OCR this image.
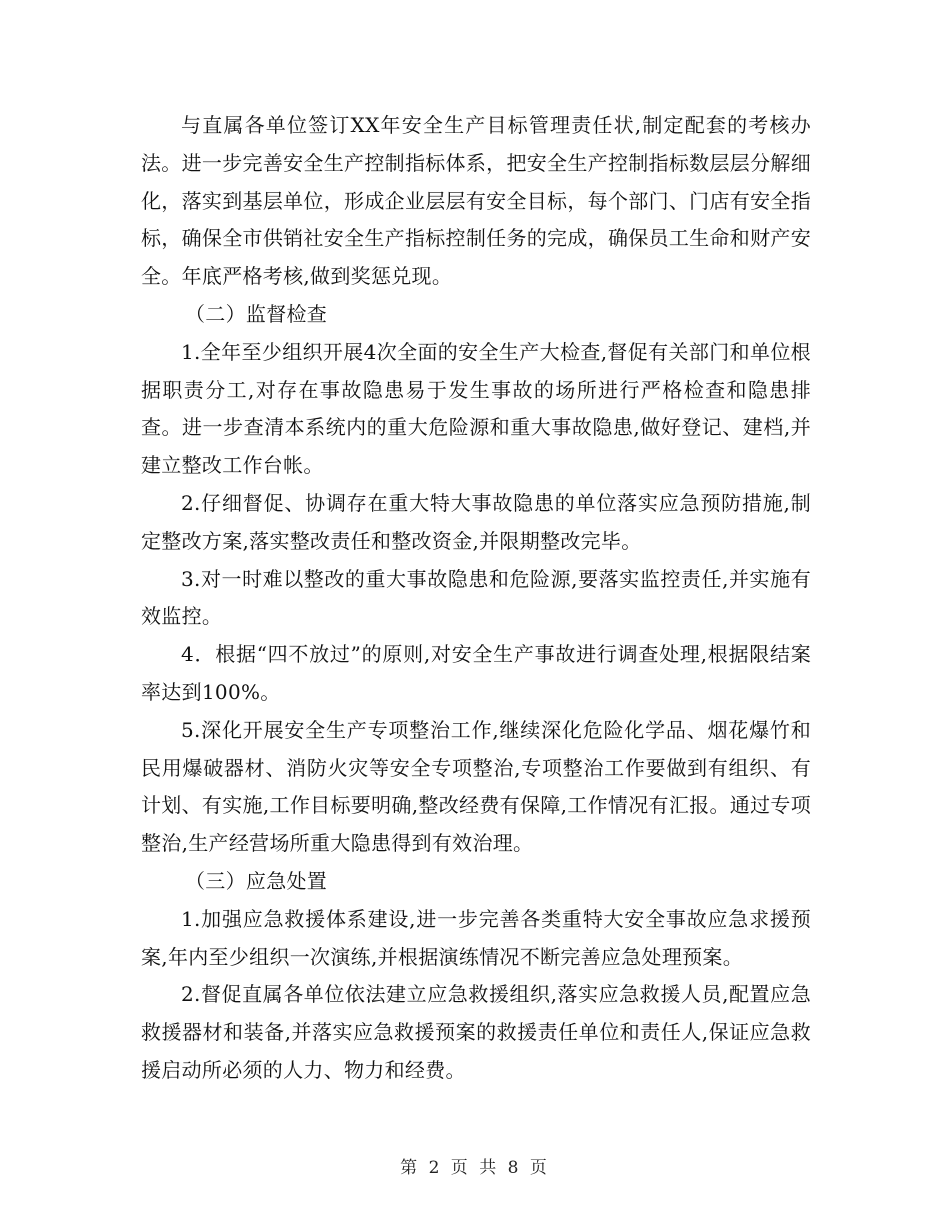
与直属各单位签订XX年安全生产目标管理责任状,制定配套的考核办法。进一步完善安全生产控制指标体系，把安全生产控制指标数层层分解细化，落实到基层单位，形成企业层层有安全目标，每个部门、门店有安全指标，确保全市供销社安全生产指标控制任务的完成，确保员工生命和财产安全。年底严格考核,做到奖惩兑现。

（二）监督检查

1.全年至少组织开展4次全面的安全生产大检查,督促有关部门和单位根据职责分工,对存在事故隐患易于发生事故的场所进行严格检查和隐患排查。进一步查清本系统内的重大危险源和重大事故隐患,做好登记、建档,并建立整改工作台帐。

2.仔细督促、协调存在重大特大事故隐患的单位落实应急预防措施,制定整改方案,落实整改责任和整改资金,并限期整改完毕。

3.对一时难以整改的重大事故隐患和危险源,要落实监控责任,并实施有效监控。

4．根据“四不放过”的原则,对安全生产事故进行调查处理,根据限结案率达到100%。

5.深化开展安全生产专项整治工作,继续深化危险化学品、烟花爆竹和民用爆破器材、消防火灾等安全专项整治,专项整治工作要做到有组织、有计划、有实施,工作目标要明确,整改经费有保障,工作情况有汇报。通过专项整治,生产经营场所重大隐患得到有效治理。

（三）应急处置

1.加强应急救援体系建设,进一步完善各类重特大安全事故应急求援预案,年内至少组织一次演练,并根据演练情况不断完善应急处理预案。

2.督促直属各单位依法建立应急救援组织,落实应急救援人员,配置应急救援器材和装备,并落实应急救援预案的救援责任单位和责任人,保证应急救援启动所必须的人力、物力和经费。

第 2 页 共 8 页
